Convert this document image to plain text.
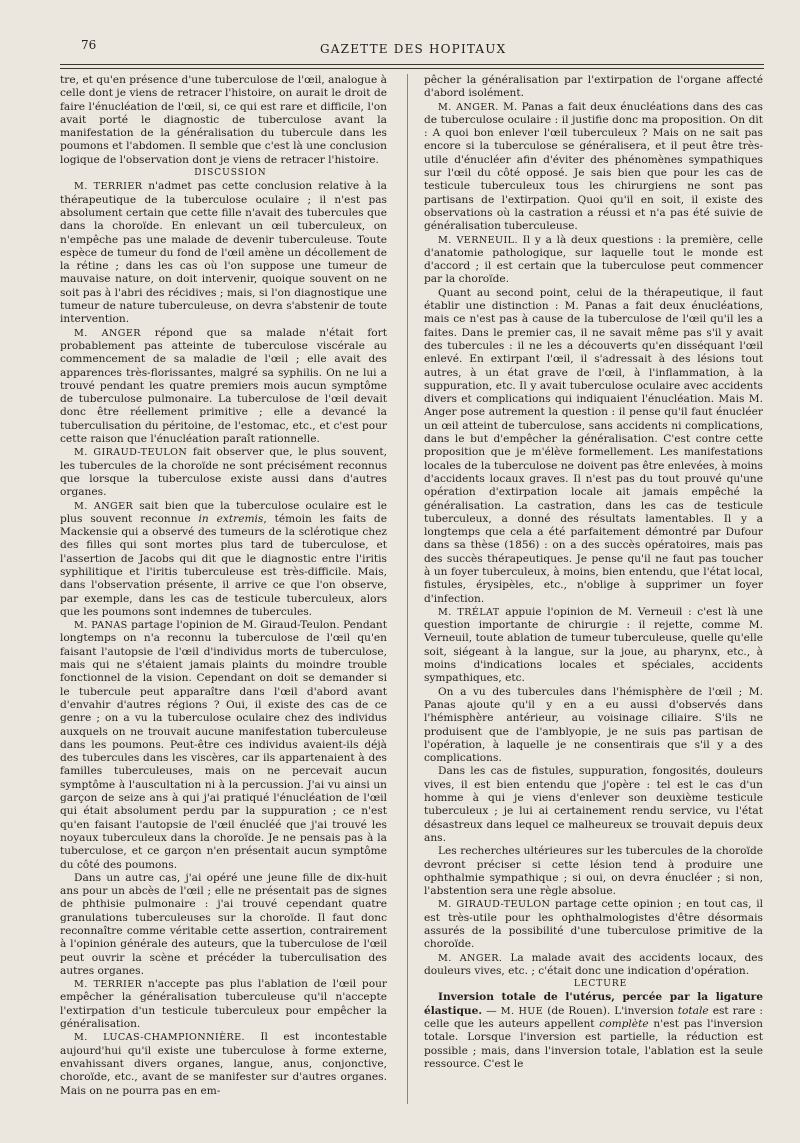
76	GAZETTE DES HOPITAUX

tre, et qu'en présence d'une tuberculose de l'œil, analogue à celle dont je viens de retracer l'histoire, on aurait le droit de faire l'énucléation de l'œil, si, ce qui est rare et difficile, l'on avait porté le diagnostic de tuberculose avant la manifestation de la généralisation du tubercule dans les poumons et l'abdomen. Il semble que c'est là une conclusion logique de l'observation dont je viens de retracer l'histoire.

DISCUSSION

M. TERRIER n'admet pas cette conclusion relative à la thérapeutique de la tuberculose oculaire ; il n'est pas absolument certain que cette fille n'avait des tubercules que dans la choroïde. En enlevant un œil tuberculeux, on n'empêche pas une malade de devenir tuberculeuse. Toute espèce de tumeur du fond de l'œil amène un décollement de la rétine ; dans les cas où l'on suppose une tumeur de mauvaise nature, on doit intervenir, quoique souvent on ne soit pas à l'abri des récidives ; mais, si l'on diagnostique une tumeur de nature tuberculeuse, on devra s'abstenir de toute intervention.

M. ANGER répond que sa malade n'était fort probablement pas atteinte de tuberculose viscérale au commencement de sa maladie de l'œil ; elle avait des apparences très-florissantes, malgré sa syphilis. On ne lui a trouvé pendant les quatre premiers mois aucun symptôme de tuberculose pulmonaire. La tuberculose de l'œil devait donc être réellement primitive ; elle a devancé la tuberculisation du péritoine, de l'estomac, etc., et c'est pour cette raison que l'énucléation paraît rationnelle.

M. GIRAUD-TEULON fait observer que, le plus souvent, les tubercules de la choroïde ne sont précisément reconnus que lorsque la tuberculose existe aussi dans d'autres organes.

M. ANGER sait bien que la tuberculose oculaire est le plus souvent reconnue in extremis, témoin les faits de Mackensie qui a observé des tumeurs de la sclérotique chez des filles qui sont mortes plus tard de tuberculose, et l'assertion de Jacobs qui dit que le diagnostic entre l'iritis syphilitique et l'iritis tuberculeuse est très-difficile. Mais, dans l'observation présente, il arrive ce que l'on observe, par exemple, dans les cas de testicule tuberculeux, alors que les poumons sont indemnes de tubercules.

M. PANAS partage l'opinion de M. Giraud-Teulon. Pendant longtemps on n'a reconnu la tuberculose de l'œil qu'en faisant l'autopsie de l'œil d'individus morts de tuberculose, mais qui ne s'étaient jamais plaints du moindre trouble fonctionnel de la vision. Cependant on doit se demander si le tubercule peut apparaître dans l'œil d'abord avant d'envahir d'autres régions ? Oui, il existe des cas de ce genre ; on a vu la tuberculose oculaire chez des individus auxquels on ne trouvait aucune manifestation tuberculeuse dans les poumons. Peut-être ces individus avaient-ils déjà des tubercules dans les viscères, car ils appartenaient à des familles tuberculeuses, mais on ne percevait aucun symptôme à l'auscultation ni à la percussion. J'ai vu ainsi un garçon de seize ans à qui j'ai pratiqué l'énucléation de l'œil qui était absolument perdu par la suppuration ; ce n'est qu'en faisant l'autopsie de l'œil énucléé que j'ai trouvé les noyaux tuberculeux dans la choroïde. Je ne pensais pas à la tuberculose, et ce garçon n'en présentait aucun symptôme du côté des poumons.

Dans un autre cas, j'ai opéré une jeune fille de dix-huit ans pour un abcès de l'œil ; elle ne présentait pas de signes de phthisie pulmonaire : j'ai trouvé cependant quatre granulations tuberculeuses sur la choroïde. Il faut donc reconnaître comme véritable cette assertion, contrairement à l'opinion générale des auteurs, que la tuberculose de l'œil peut ouvrir la scène et précéder la tuberculisation des autres organes.

M. TERRIER n'accepte pas plus l'ablation de l'œil pour empêcher la généralisation tuberculeuse qu'il n'accepte l'extirpation d'un testicule tuberculeux pour empêcher la généralisation.

M. LUCAS-CHAMPIONNIÈRE. Il est incontestable aujourd'hui qu'il existe une tuberculose à forme externe, envahissant divers organes, langue, anus, conjonctive, choroïde, etc., avant de se manifester sur d'autres organes. Mais on ne pourra pas en em-

pêcher la généralisation par l'extirpation de l'organe affecté d'abord isolément.

M. ANGER. M. Panas a fait deux énucléations dans des cas de tuberculose oculaire : il justifie donc ma proposition. On dit : A quoi bon enlever l'œil tuberculeux ? Mais on ne sait pas encore si la tuberculose se généralisera, et il peut être très-utile d'énucléer afin d'éviter des phénomènes sympathiques sur l'œil du côté opposé. Je sais bien que pour les cas de testicule tuberculeux tous les chirurgiens ne sont pas partisans de l'extirpation. Quoi qu'il en soit, il existe des observations où la castration a réussi et n'a pas été suivie de généralisation tuberculeuse.

M. VERNEUIL. Il y a là deux questions : la première, celle d'anatomie pathologique, sur laquelle tout le monde est d'accord ; il est certain que la tuberculose peut commencer par la choroïde.

Quant au second point, celui de la thérapeutique, il faut établir une distinction : M. Panas a fait deux énucléations, mais ce n'est pas à cause de la tuberculose de l'œil qu'il les a faites. Dans le premier cas, il ne savait même pas s'il y avait des tubercules : il ne les a découverts qu'en disséquant l'œil enlevé. En extirpant l'œil, il s'adressait à des lésions tout autres, à un état grave de l'œil, à l'inflammation, à la suppuration, etc. Il y avait tuberculose oculaire avec accidents divers et complications qui indiquaient l'énucléation. Mais M. Anger pose autrement la question : il pense qu'il faut énucléer un œil atteint de tuberculose, sans accidents ni complications, dans le but d'empêcher la généralisation. C'est contre cette proposition que je m'élève formellement. Les manifestations locales de la tuberculose ne doivent pas être enlevées, à moins d'accidents locaux graves. Il n'est pas du tout prouvé qu'une opération d'extirpation locale ait jamais empêché la généralisation. La castration, dans les cas de testicule tuberculeux, a donné des résultats lamentables. Il y a longtemps que cela a été parfaitement démontré par Dufour dans sa thèse (1856) : on a des succès opératoires, mais pas des succès thérapeutiques. Je pense qu'il ne faut pas toucher à un foyer tuberculeux, à moins, bien entendu, que l'état local, fistules, érysipèles, etc., n'oblige à supprimer un foyer d'infection.

M. TRÉLAT appuie l'opinion de M. Verneuil : c'est là une question importante de chirurgie : il rejette, comme M. Verneuil, toute ablation de tumeur tuberculeuse, quelle qu'elle soit, siégeant à la langue, sur la joue, au pharynx, etc., à moins d'indications locales et spéciales, accidents sympathiques, etc.

On a vu des tubercules dans l'hémisphère de l'œil ; M. Panas ajoute qu'il y en a eu aussi d'observés dans l'hémisphère antérieur, au voisinage ciliaire. S'ils ne produisent que de l'amblyopie, je ne suis pas partisan de l'opération, à laquelle je ne consentirais que s'il y a des complications.

Dans les cas de fistules, suppuration, fongosités, douleurs vives, il est bien entendu que j'opère : tel est le cas d'un homme à qui je viens d'enlever son deuxième testicule tuberculeux ; je lui ai certainement rendu service, vu l'état désastreux dans lequel ce malheureux se trouvait depuis deux ans.

Les recherches ultérieures sur les tubercules de la choroïde devront préciser si cette lésion tend à produire une ophthalmie sympathique ; si oui, on devra énucléer ; si non, l'abstention sera une règle absolue.

M. GIRAUD-TEULON partage cette opinion ; en tout cas, il est très-utile pour les ophthalmologistes d'être désormais assurés de la possibilité d'une tuberculose primitive de la choroïde.

M. ANGER. La malade avait des accidents locaux, des douleurs vives, etc. ; c'était donc une indication d'opération.

LECTURE

Inversion totale de l'utérus, percée par la ligature élastique. — M. HUE (de Rouen). L'inversion totale est rare : celle que les auteurs appellent complète n'est pas l'inversion totale. Lorsque l'inversion est partielle, la réduction est possible ; mais, dans l'inversion totale, l'ablation est la seule ressource. C'est le
